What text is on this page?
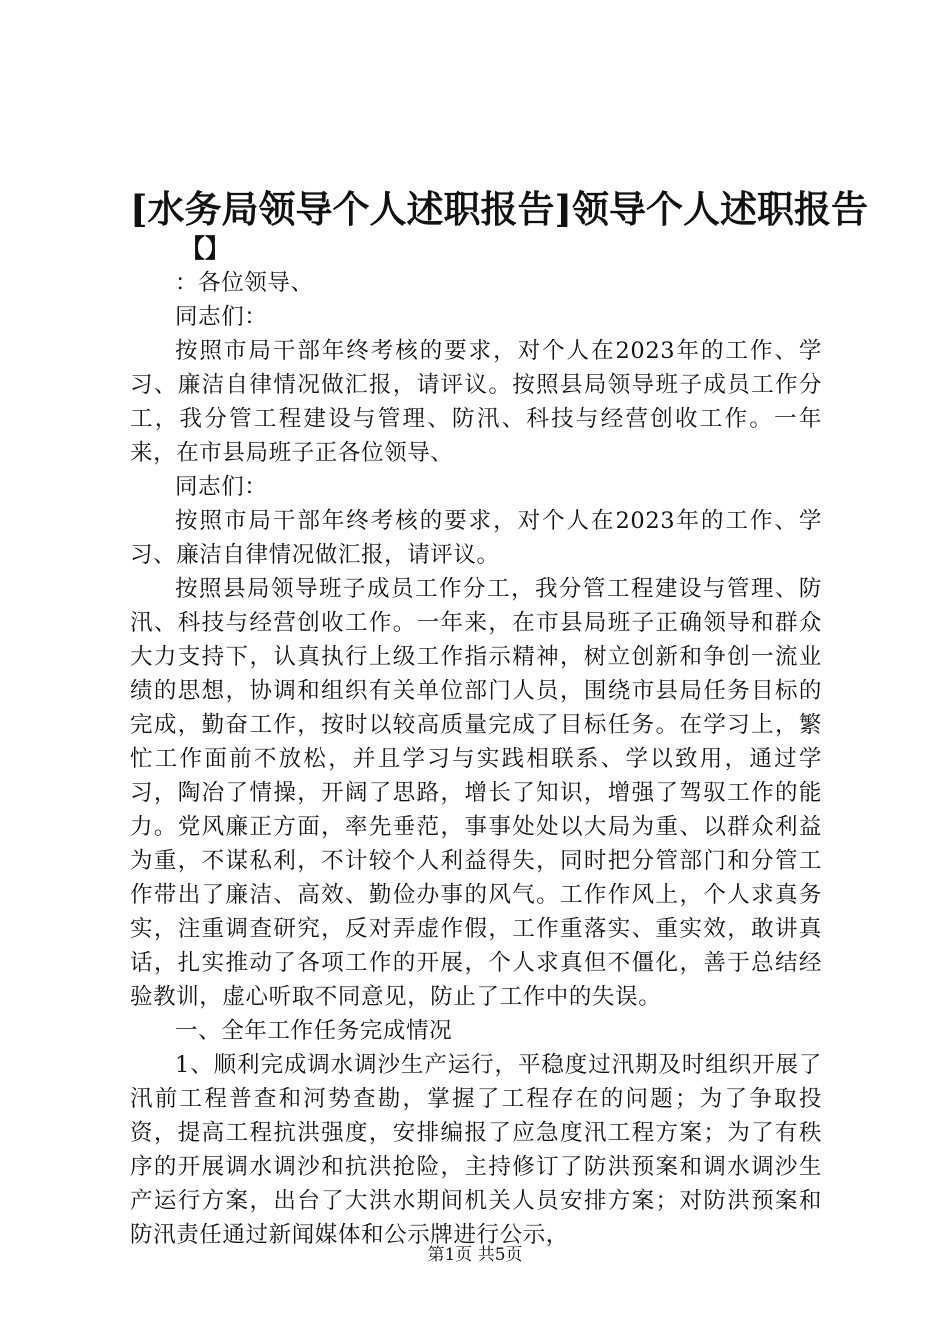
[水务局领导个人述职报告]领导个人述职报告
【】

：各位领导、

同志们：

按照市局干部年终考核的要求，对个人在2023年的工作、学习、廉洁自律情况做汇报，请评议。按照县局领导班子成员工作分工，我分管工程建设与管理、防汛、科技与经营创收工作。一年来，在市县局班子正各位领导、

同志们：

按照市局干部年终考核的要求，对个人在2023年的工作、学习、廉洁自律情况做汇报，请评议。

按照县局领导班子成员工作分工，我分管工程建设与管理、防汛、科技与经营创收工作。一年来，在市县局班子正确领导和群众大力支持下，认真执行上级工作指示精神，树立创新和争创一流业绩的思想，协调和组织有关单位部门人员，围绕市县局任务目标的完成，勤奋工作，按时以较高质量完成了目标任务。在学习上，繁忙工作面前不放松，并且学习与实践相联系、学以致用，通过学习，陶冶了情操，开阔了思路，增长了知识，增强了驾驭工作的能力。党风廉正方面，率先垂范，事事处处以大局为重、以群众利益为重，不谋私利，不计较个人利益得失，同时把分管部门和分管工作带出了廉洁、高效、勤俭办事的风气。工作作风上，个人求真务实，注重调查研究，反对弄虚作假，工作重落实、重实效，敢讲真话，扎实推动了各项工作的开展，个人求真但不僵化，善于总结经验教训，虚心听取不同意见，防止了工作中的失误。

一、全年工作任务完成情况

1、顺利完成调水调沙生产运行，平稳度过汛期及时组织开展了汛前工程普查和河势查勘，掌握了工程存在的问题；为了争取投资，提高工程抗洪强度，安排编报了应急度汛工程方案；为了有秩序的开展调水调沙和抗洪抢险，主持修订了防洪预案和调水调沙生产运行方案，出台了大洪水期间机关人员安排方案；对防洪预案和防汛责任通过新闻媒体和公示牌进行公示，

第1页 共5页
